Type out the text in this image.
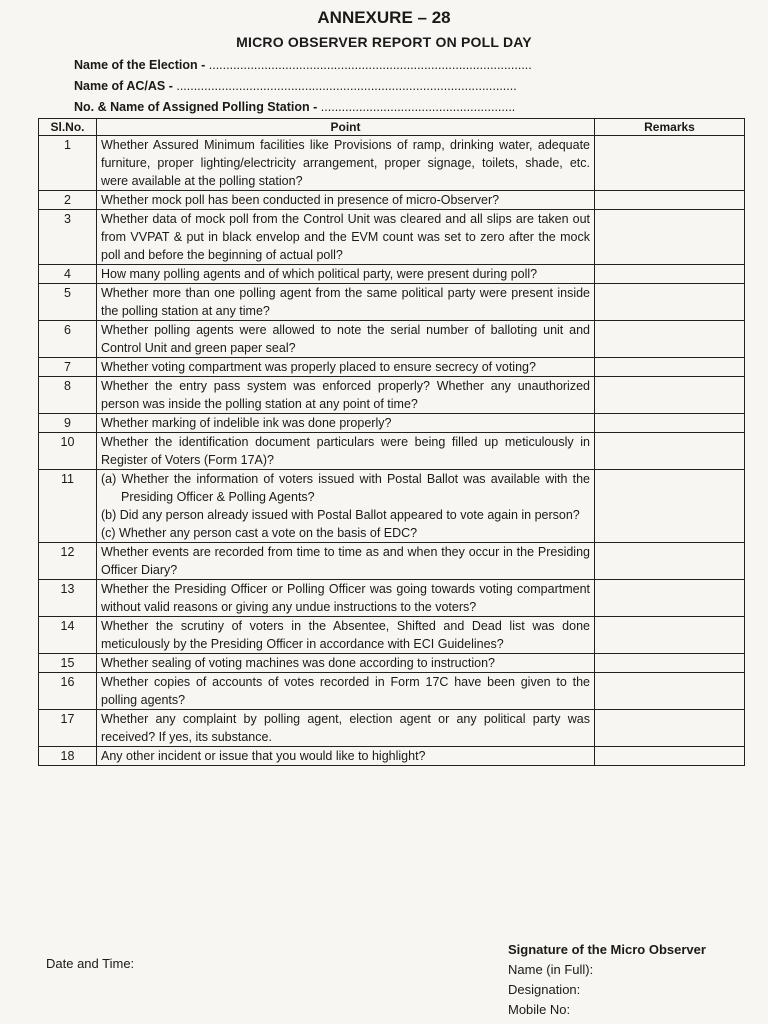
ANNEXURE – 28
MICRO OBSERVER REPORT ON POLL DAY
Name of the Election - .............................................................................................
Name of AC/AS - ..................................................................................................
No. & Name of Assigned Polling Station - ........................................................
Sl.No.	Point	Remarks
1	Whether Assured Minimum facilities like Provisions of ramp, drinking water, adequate furniture, proper lighting/electricity arrangement, proper signage, toilets, shade, etc. were available at the polling station?	
2	Whether mock poll has been conducted in presence of micro-Observer?	
3	Whether data of mock poll from the Control Unit was cleared and all slips are taken out from VVPAT & put in black envelop and the EVM count was set to zero after the mock poll and before the beginning of actual poll?	
4	How many polling agents and of which political party, were present during poll?	
5	Whether more than one polling agent from the same political party were present inside the polling station at any time?	
6	Whether polling agents were allowed to note the serial number of balloting unit and Control Unit and green paper seal?	
7	Whether voting compartment was properly placed to ensure secrecy of voting?	
8	Whether the entry pass system was enforced properly? Whether any unauthorized person was inside the polling station at any point of time?	
9	Whether marking of indelible ink was done properly?	
10	Whether the identification document particulars were being filled up meticulously in Register of Voters (Form 17A)?	
11	(a) Whether the information of voters issued with Postal Ballot was available with the Presiding Officer & Polling Agents?
(b) Did any person already issued with Postal Ballot appeared to vote again in person?
(c) Whether any person cast a vote on the basis of EDC?	

12	Whether events are recorded from time to time as and when they occur in the Presiding Officer Diary?	
13	Whether the Presiding Officer or Polling Officer was going towards voting compartment without valid reasons or giving any undue instructions to the voters?	
14	Whether the scrutiny of voters in the Absentee, Shifted and Dead list was done meticulously by the Presiding Officer in accordance with ECI Guidelines?	
15	Whether sealing of voting machines was done according to instruction?	
16	Whether copies of accounts of votes recorded in Form 17C have been given to the polling agents?	
17	Whether any complaint by polling agent, election agent or any political party was received? If yes, its substance.	
18	Any other incident or issue that you would like to highlight?	
Date and Time:
Signature of the Micro Observer
Name (in Full):
Designation:
Mobile No:
